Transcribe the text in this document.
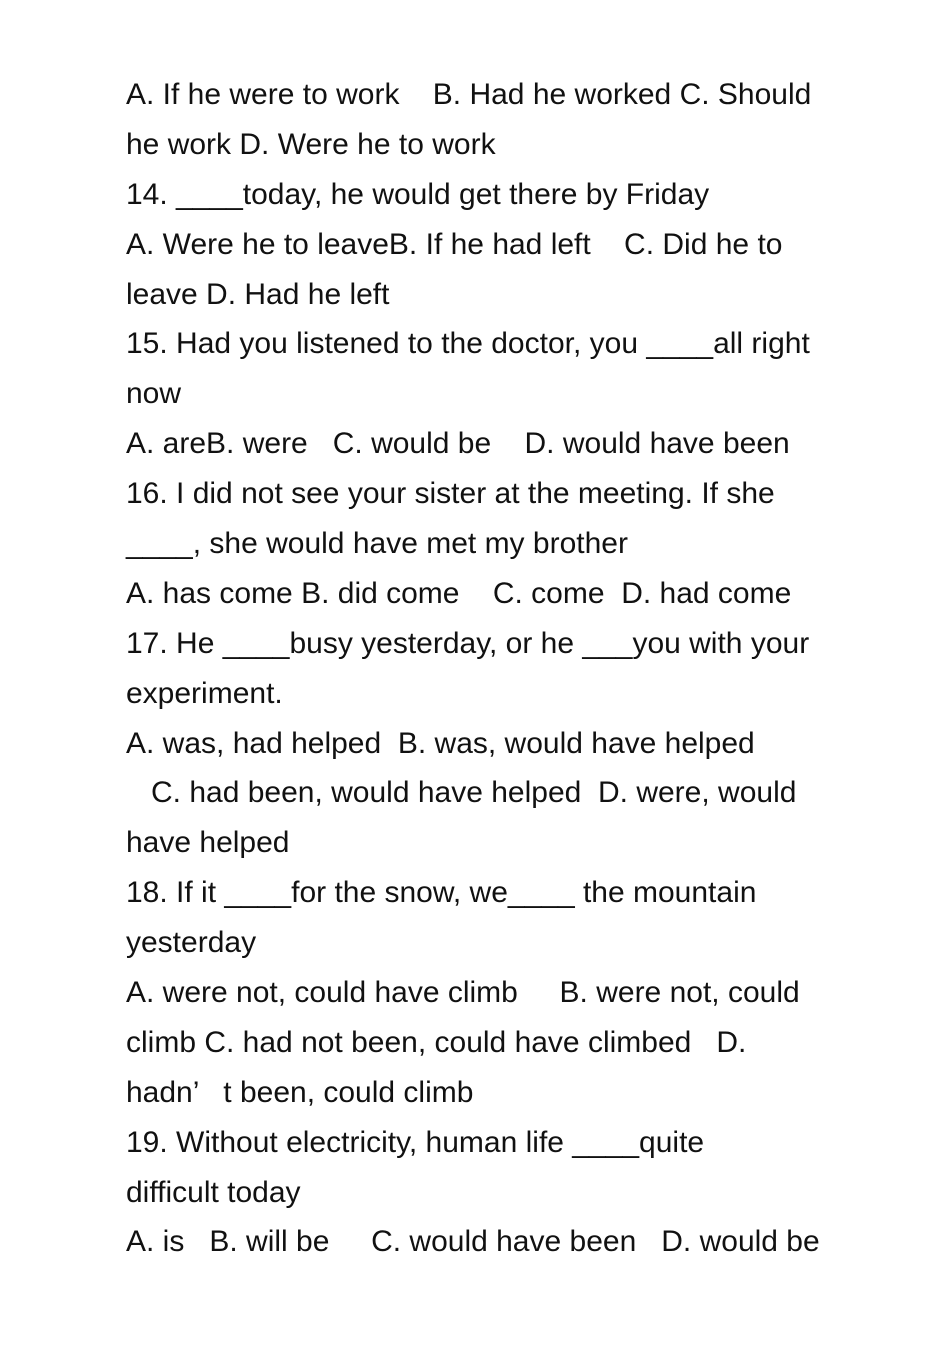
A. If he were to work    B. Had he worked C. Should
he work D. Were he to work
14. ____today, he would get there by Friday
A. Were he to leaveB. If he had left    C. Did he to
leave D. Had he left
15. Had you listened to the doctor, you ____all right
now
A. areB. were   C. would be    D. would have been
16. I did not see your sister at the meeting. If she
____, she would have met my brother
A. has come B. did come    C. come  D. had come
17. He ____busy yesterday, or he ___you with your
experiment.
A. was, had helped  B. was, would have helped
C. had been, would have helped  D. were, would
have helped
18. If it ____for the snow, we____ the mountain
yesterday
A. were not, could have climb     B. were not, could
climb C. had not been, could have climbed   D.
hadn’   t been, could climb
19. Without electricity, human life ____quite
difficult today
A. is   B. will be     C. would have been   D. would be
